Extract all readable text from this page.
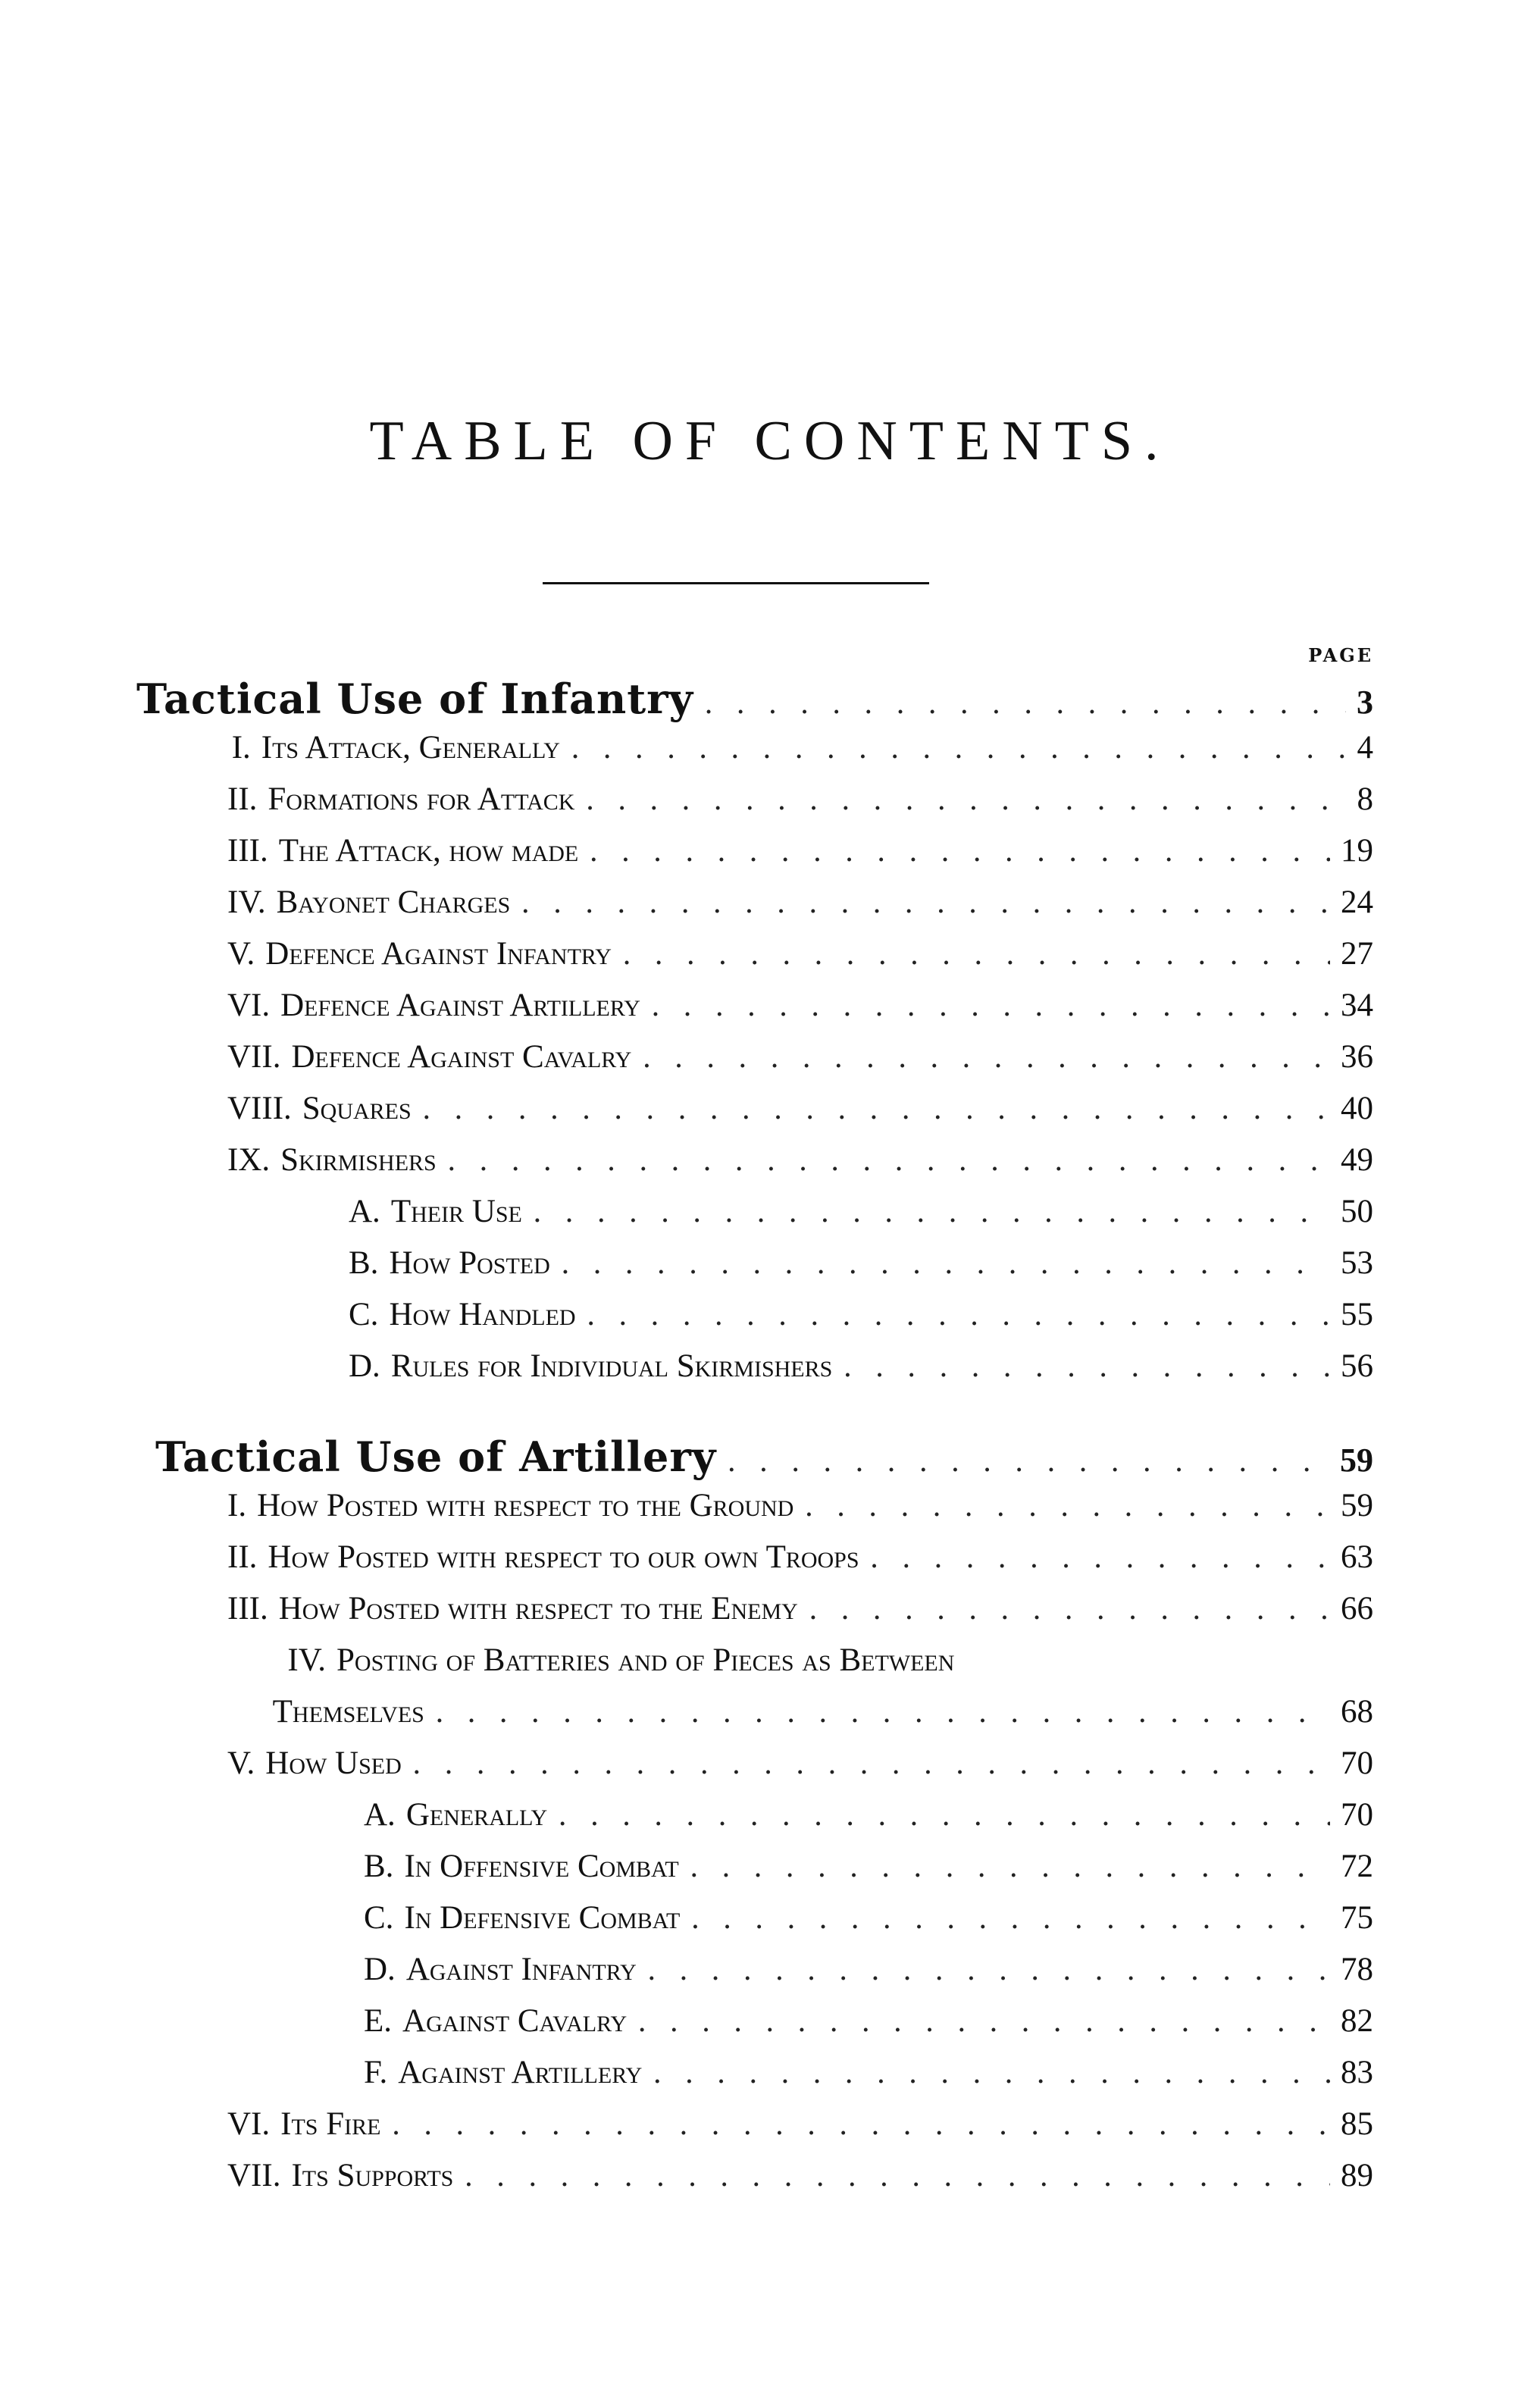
TABLE OF CONTENTS.
PAGE
Tactical Use of Infantry . . .	3
I. Its Attack, Generally . . .	4
II. Formations for Attack . . .	8
III. The Attack, how made . . .	19
IV. Bayonet Charges . . .	24
V. Defence Against Infantry . . .	27
VI. Defence Against Artillery . . .	34
VII. Defence Against Cavalry . . .	36
VIII. Squares . . .	40
IX. Skirmishers . . .	49
A. Their Use . . .	50
B. How Posted . . .	53
C. How Handled . . .	55
D. Rules for Individual Skirmishers . . .	56
Tactical Use of Artillery . . .	59
I. How Posted with respect to the Ground . . .	59
II. How Posted with respect to our own Troops . . .	63
III. How Posted with respect to the Enemy . . .	66
IV. Posting of Batteries and of Pieces as Between
Themselves . . .	68
V. How Used . . .	70
A. Generally . . .	70
B. In Offensive Combat . . .	72
C. In Defensive Combat . . .	75
D. Against Infantry . . .	78
E. Against Cavalry . . .	82
F. Against Artillery . . .	83
VI. Its Fire . . .	85
VII. Its Supports . . .	89
